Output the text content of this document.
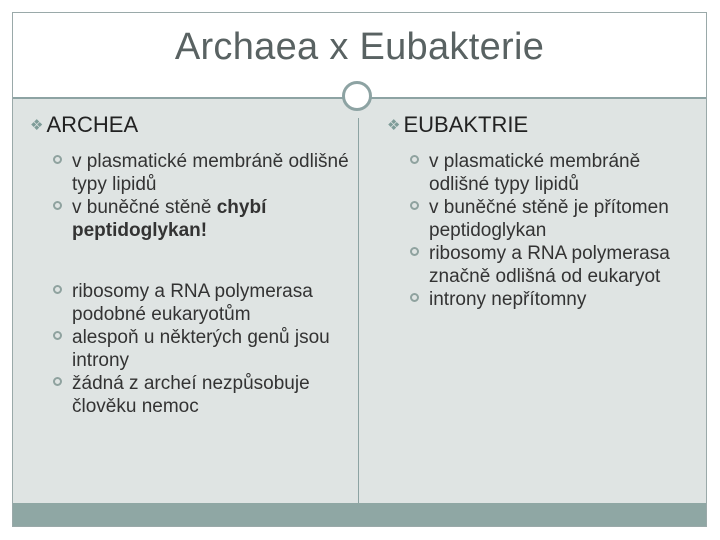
Archaea x Eubakterie
❖ ARCHEA
v plasmatické membráně odlišné typy lipidů
v buněčné stěně chybí peptidoglykan!
ribosomy a RNA polymerasa podobné eukaryotům
alespoň u některých genů jsou introny
žádná z archeí nezpůsobuje člověku nemoc
❖ EUBAKTRIE
v plasmatické membráně odlišné typy lipidů
v buněčné stěně je přítomen peptidoglykan
ribosomy a RNA polymerasa značně odlišná od eukaryot
introny nepřítomny
